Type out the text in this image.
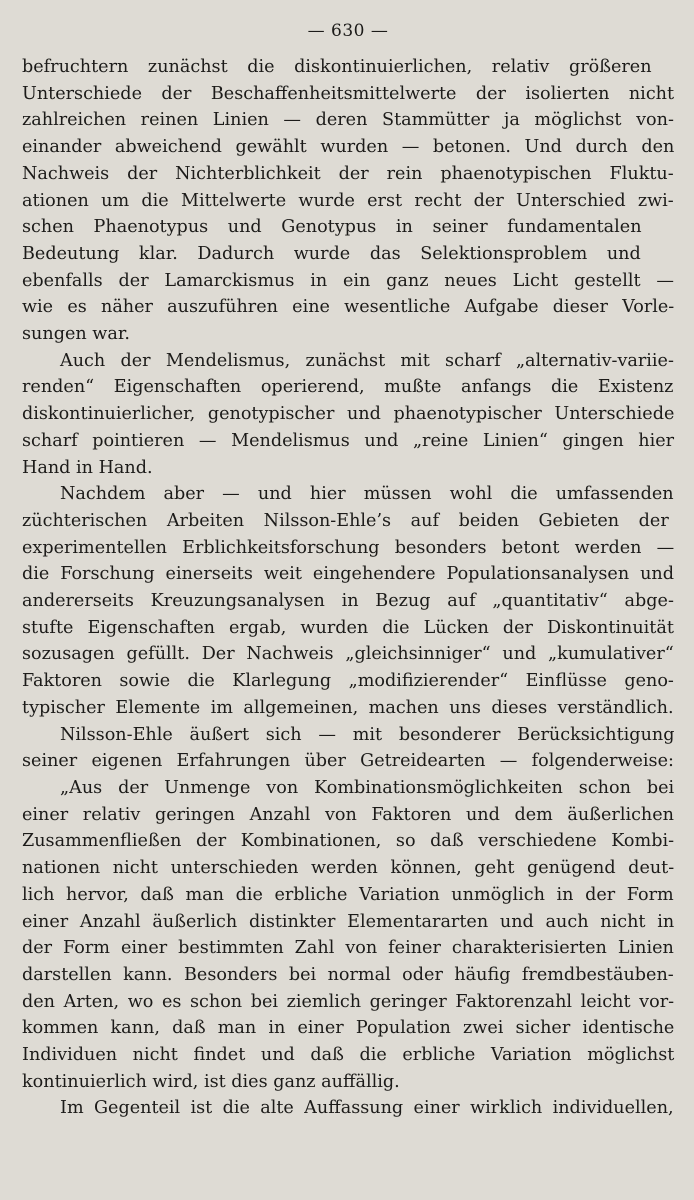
— 630 —

befruchtern zunächst die diskontinuierlichen, relativ größeren
Unterschiede der Beschaffenheitsmittelwerte der isolierten nicht
zahlreichen reinen Linien — deren Stammütter ja möglichst von-
einander abweichend gewählt wurden — betonen. Und durch den
Nachweis der Nichterblichkeit der rein phaenotypischen Fluktu-
ationen um die Mittelwerte wurde erst recht der Unterschied zwi-
schen Phaenotypus und Genotypus in seiner fundamentalen
Bedeutung klar. Dadurch wurde das Selektionsproblem und
ebenfalls der Lamarckismus in ein ganz neues Licht gestellt —
wie es näher auszuführen eine wesentliche Aufgabe dieser Vorle-
sungen war.

Auch der Mendelismus, zunächst mit scharf „alternativ-variie-
renden“ Eigenschaften operierend, mußte anfangs die Existenz
diskontinuierlicher, genotypischer und phaenotypischer Unterschiede
scharf pointieren — Mendelismus und „reine Linien“ gingen hier
Hand in Hand.

Nachdem aber — und hier müssen wohl die umfassenden
züchterischen Arbeiten Nilsson-Ehle’s auf beiden Gebieten der
experimentellen Erblichkeitsforschung besonders betont werden —
die Forschung einerseits weit eingehendere Populationsanalysen und
andererseits Kreuzungsanalysen in Bezug auf „quantitativ“ abge-
stufte Eigenschaften ergab, wurden die Lücken der Diskontinuität
sozusagen gefüllt. Der Nachweis „gleichsinniger“ und „kumulativer“
Faktoren sowie die Klarlegung „modifizierender“ Einflüsse geno-
typischer Elemente im allgemeinen, machen uns dieses verständlich.

Nilsson-Ehle äußert sich — mit besonderer Berücksichtigung
seiner eigenen Erfahrungen über Getreidearten — folgenderweise:

„Aus der Unmenge von Kombinationsmöglichkeiten schon bei
einer relativ geringen Anzahl von Faktoren und dem äußerlichen
Zusammenfließen der Kombinationen, so daß verschiedene Kombi-
nationen nicht unterschieden werden können, geht genügend deut-
lich hervor, daß man die erbliche Variation unmöglich in der Form
einer Anzahl äußerlich distinkter Elementararten und auch nicht in
der Form einer bestimmten Zahl von feiner charakterisierten Linien
darstellen kann. Besonders bei normal oder häufig fremdbestäuben-
den Arten, wo es schon bei ziemlich geringer Faktorenzahl leicht vor-
kommen kann, daß man in einer Population zwei sicher identische
Individuen nicht findet und daß die erbliche Variation möglichst
kontinuierlich wird, ist dies ganz auffällig.

Im Gegenteil ist die alte Auffassung einer wirklich individuellen,
